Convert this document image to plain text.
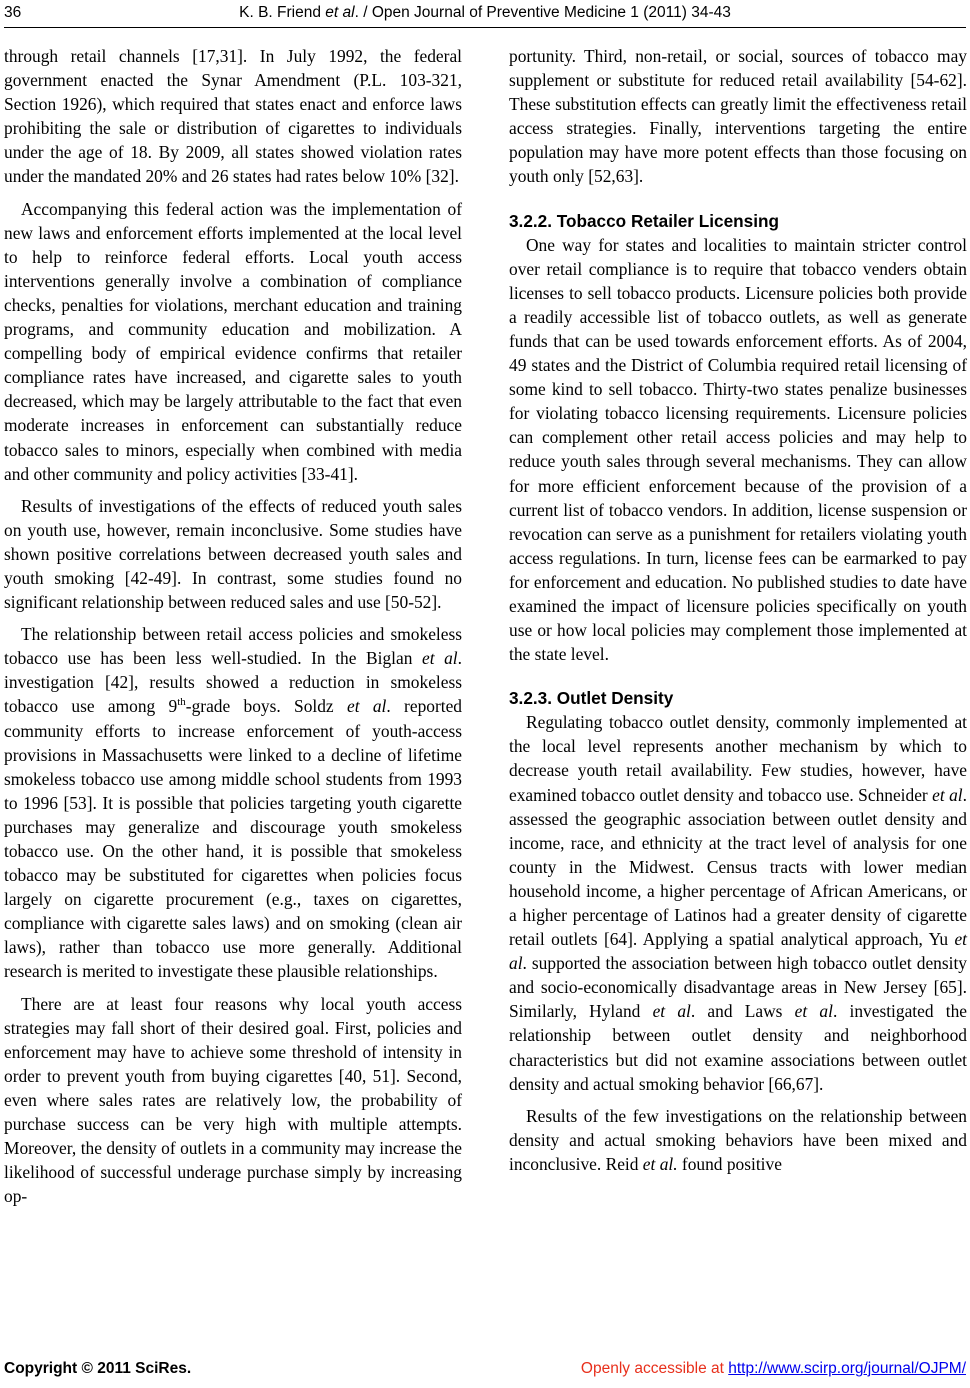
36	K. B. Friend et al. / Open Journal of Preventive Medicine 1 (2011) 34-43

through retail channels [17,31]. In July 1992, the federal government enacted the Synar Amendment (P.L. 103-321, Section 1926), which required that states enact and enforce laws prohibiting the sale or distribution of cigarettes to individuals under the age of 18. By 2009, all states showed violation rates under the mandated 20% and 26 states had rates below 10% [32].

Accompanying this federal action was the implementation of new laws and enforcement efforts implemented at the local level to help to reinforce federal efforts. Local youth access interventions generally involve a combination of compliance checks, penalties for violations, merchant education and training programs, and community education and mobilization. A compelling body of empirical evidence confirms that retailer compliance rates have increased, and cigarette sales to youth decreased, which may be largely attributable to the fact that even moderate increases in enforcement can substantially reduce tobacco sales to minors, especially when combined with media and other community and policy activities [33-41].

Results of investigations of the effects of reduced youth sales on youth use, however, remain inconclusive. Some studies have shown positive correlations between decreased youth sales and youth smoking [42-49]. In contrast, some studies found no significant relationship between reduced sales and use [50-52].

The relationship between retail access policies and smokeless tobacco use has been less well-studied. In the Biglan et al. investigation [42], results showed a reduction in smokeless tobacco use among 9th-grade boys. Soldz et al. reported community efforts to increase enforcement of youth-access provisions in Massachusetts were linked to a decline of lifetime smokeless tobacco use among middle school students from 1993 to 1996 [53]. It is possible that policies targeting youth cigarette purchases may generalize and discourage youth smokeless tobacco use. On the other hand, it is possible that smokeless tobacco may be substituted for cigarettes when policies focus largely on cigarette procurement (e.g., taxes on cigarettes, compliance with cigarette sales laws) and on smoking (clean air laws), rather than tobacco use more generally. Additional research is merited to investigate these plausible relationships.

There are at least four reasons why local youth access strategies may fall short of their desired goal. First, policies and enforcement may have to achieve some threshold of intensity in order to prevent youth from buying cigarettes [40, 51]. Second, even where sales rates are relatively low, the probability of purchase success can be very high with multiple attempts. Moreover, the density of outlets in a community may increase the likelihood of successful underage purchase simply by increasing op-

portunity. Third, non-retail, or social, sources of tobacco may supplement or substitute for reduced retail availability [54-62]. These substitution effects can greatly limit the effectiveness retail access strategies. Finally, interventions targeting the entire population may have more potent effects than those focusing on youth only [52,63].

3.2.2. Tobacco Retailer Licensing

One way for states and localities to maintain stricter control over retail compliance is to require that tobacco venders obtain licenses to sell tobacco products. Licensure policies both provide a readily accessible list of tobacco outlets, as well as generate funds that can be used towards enforcement efforts. As of 2004, 49 states and the District of Columbia required retail licensing of some kind to sell tobacco. Thirty-two states penalize businesses for violating tobacco licensing requirements. Licensure policies can complement other retail access policies and may help to reduce youth sales through several mechanisms. They can allow for more efficient enforcement because of the provision of a current list of tobacco vendors. In addition, license suspension or revocation can serve as a punishment for retailers violating youth access regulations. In turn, license fees can be earmarked to pay for enforcement and education. No published studies to date have examined the impact of licensure policies specifically on youth use or how local policies may complement those implemented at the state level.

3.2.3. Outlet Density

Regulating tobacco outlet density, commonly implemented at the local level represents another mechanism by which to decrease youth retail availability. Few studies, however, have examined tobacco outlet density and tobacco use. Schneider et al. assessed the geographic association between outlet density and income, race, and ethnicity at the tract level of analysis for one county in the Midwest. Census tracts with lower median household income, a higher percentage of African Americans, or a higher percentage of Latinos had a greater density of cigarette retail outlets [64]. Applying a spatial analytical approach, Yu et al. supported the association between high tobacco outlet density and socio-economically disadvantage areas in New Jersey [65]. Similarly, Hyland et al. and Laws et al. investigated the relationship between outlet density and neighborhood characteristics but did not examine associations between outlet density and actual smoking behavior [66,67].

Results of the few investigations on the relationship between density and actual smoking behaviors have been mixed and inconclusive. Reid et al. found positive

Copyright © 2011 SciRes.	Openly accessible at http://www.scirp.org/journal/OJPM/
